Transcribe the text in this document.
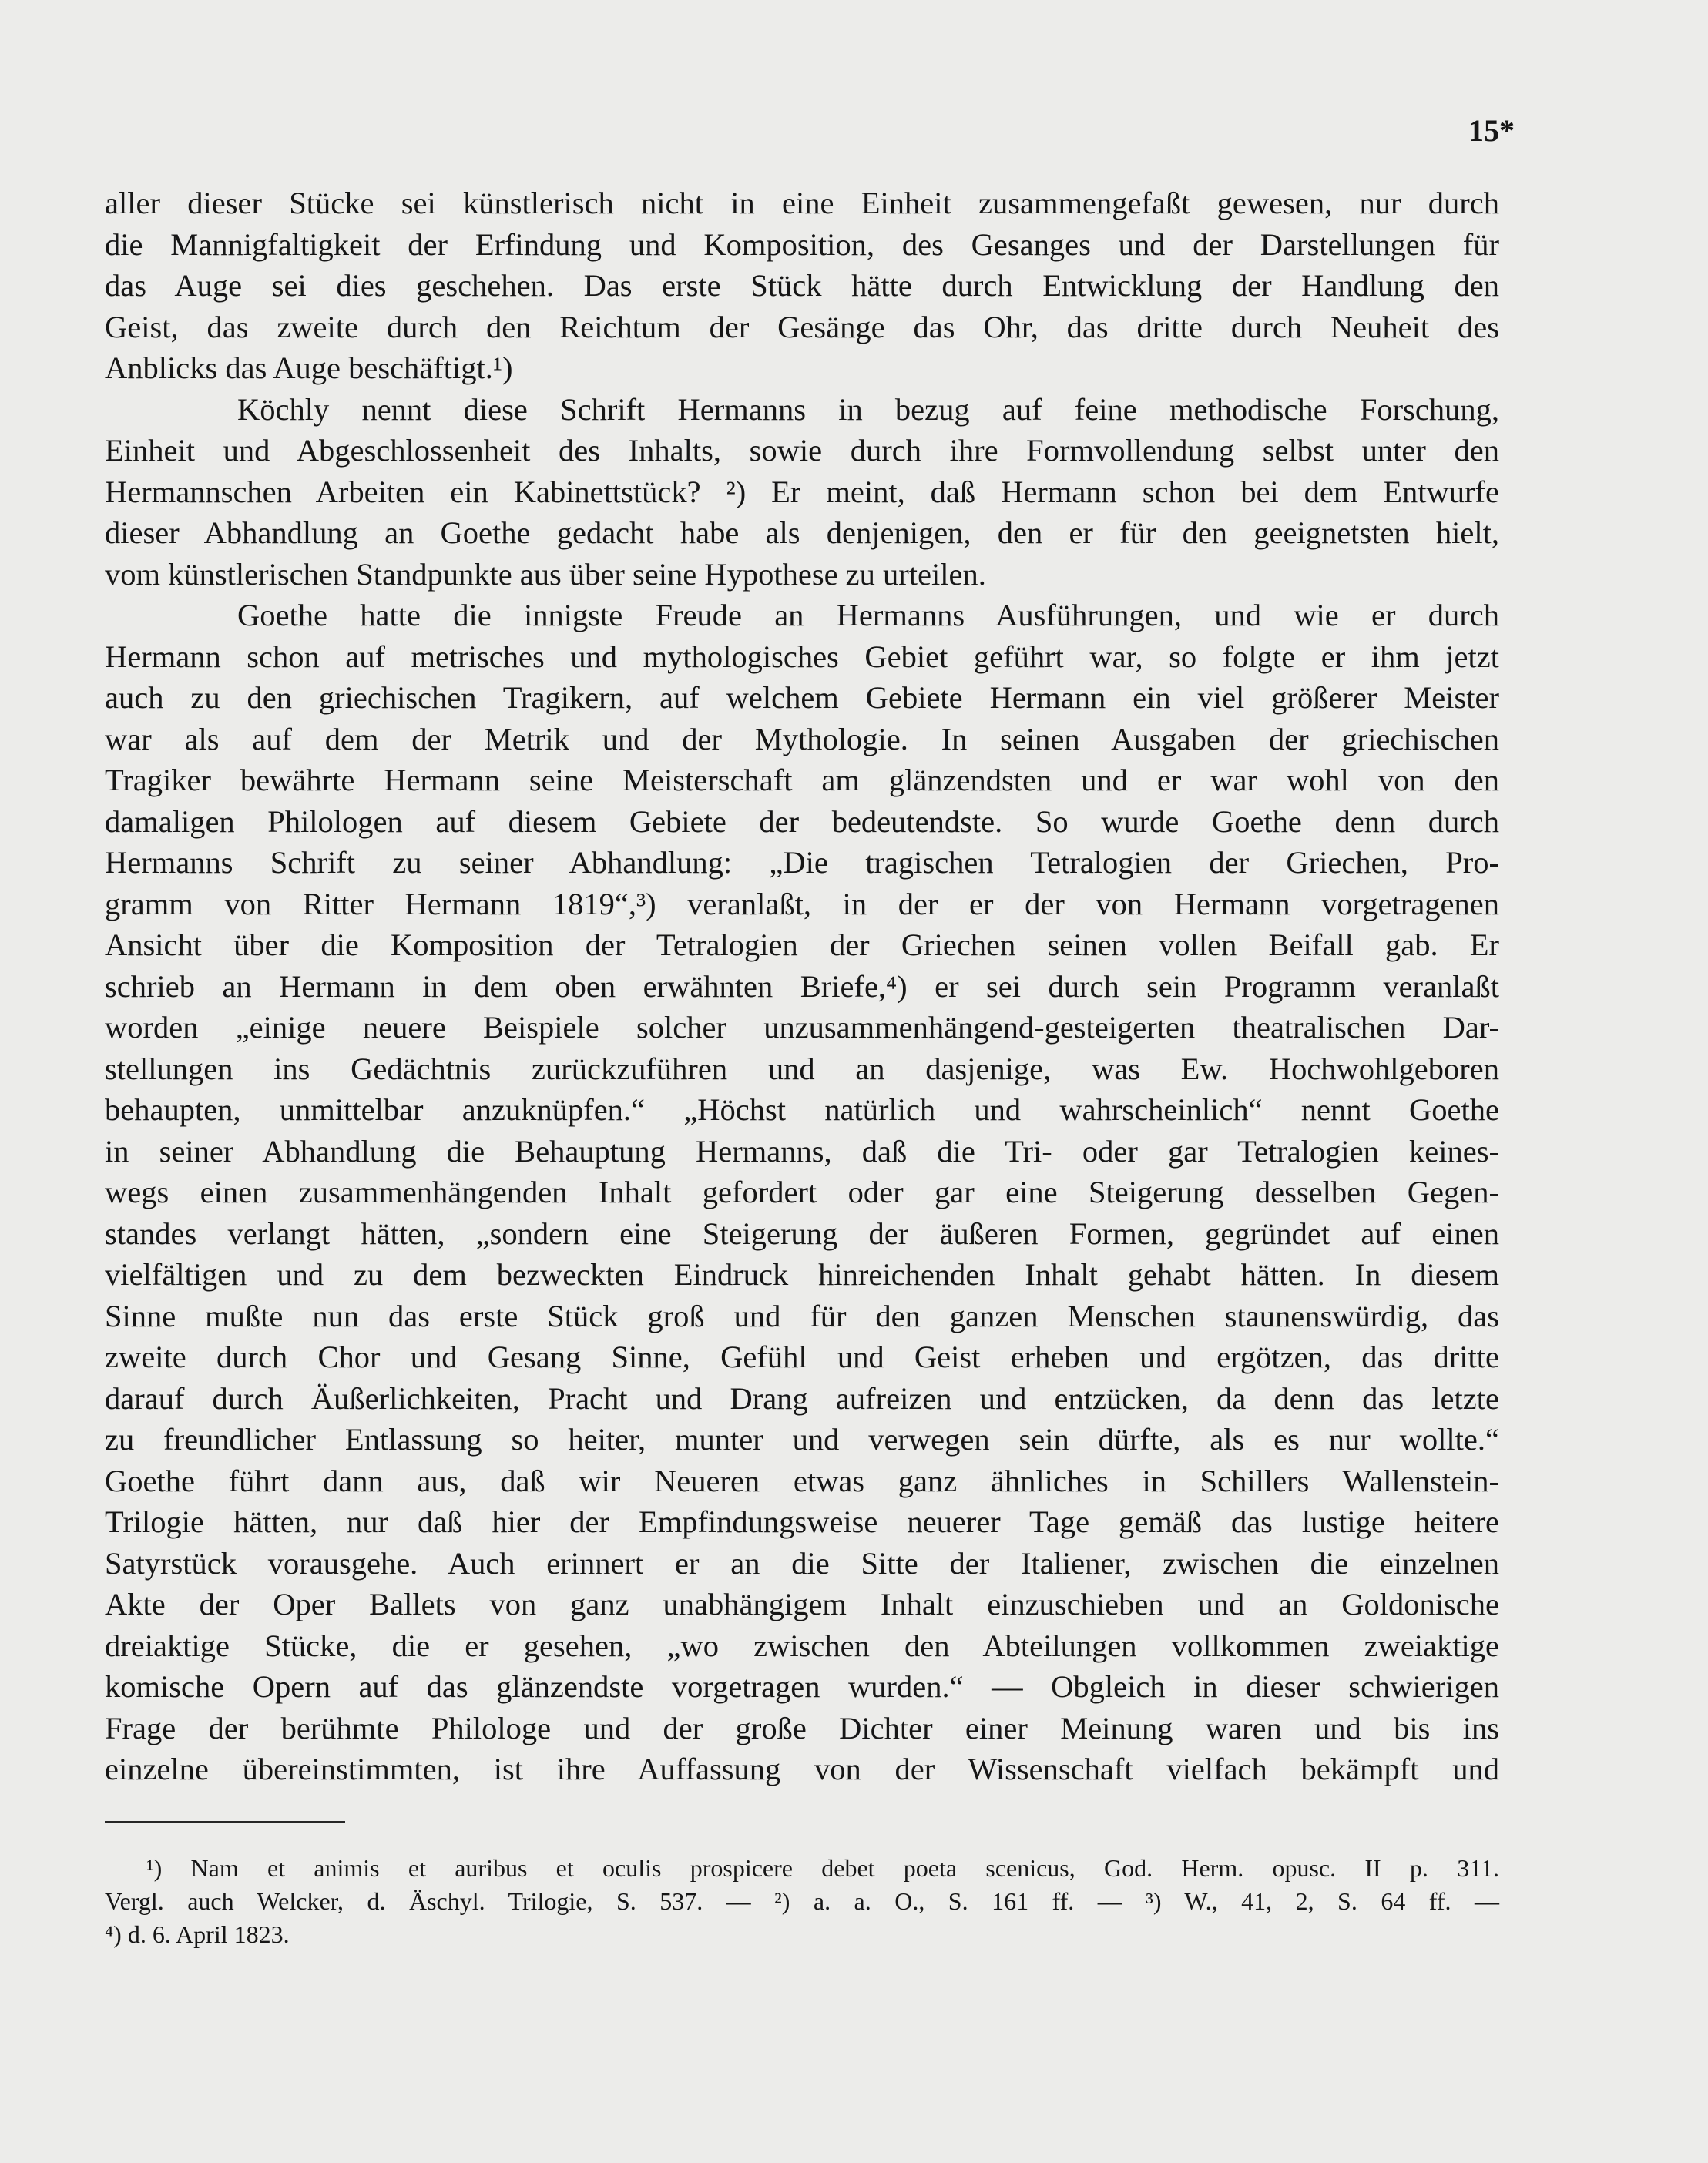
15*
aller dieser Stücke sei künstlerisch nicht in eine Einheit zusammengefaßt gewesen, nur durch
die Mannigfaltigkeit der Erfindung und Komposition, des Gesanges und der Darstellungen für
das Auge sei dies geschehen. Das erste Stück hätte durch Entwicklung der Handlung den
Geist, das zweite durch den Reichtum der Gesänge das Ohr, das dritte durch Neuheit des
Anblicks das Auge beschäftigt.¹)
Köchly nennt diese Schrift Hermanns in bezug auf feine methodische Forschung,
Einheit und Abgeschlossenheit des Inhalts, sowie durch ihre Formvollendung selbst unter den
Hermannschen Arbeiten ein Kabinettstück? ²) Er meint, daß Hermann schon bei dem Entwurfe
dieser Abhandlung an Goethe gedacht habe als denjenigen, den er für den geeignetsten hielt,
vom künstlerischen Standpunkte aus über seine Hypothese zu urteilen.
Goethe hatte die innigste Freude an Hermanns Ausführungen, und wie er durch
Hermann schon auf metrisches und mythologisches Gebiet geführt war, so folgte er ihm jetzt
auch zu den griechischen Tragikern, auf welchem Gebiete Hermann ein viel größerer Meister
war als auf dem der Metrik und der Mythologie. In seinen Ausgaben der griechischen
Tragiker bewährte Hermann seine Meisterschaft am glänzendsten und er war wohl von den
damaligen Philologen auf diesem Gebiete der bedeutendste. So wurde Goethe denn durch
Hermanns Schrift zu seiner Abhandlung: „Die tragischen Tetralogien der Griechen, Pro-
gramm von Ritter Hermann 1819“,³) veranlaßt, in der er der von Hermann vorgetragenen
Ansicht über die Komposition der Tetralogien der Griechen seinen vollen Beifall gab. Er
schrieb an Hermann in dem oben erwähnten Briefe,⁴) er sei durch sein Programm veranlaßt
worden „einige neuere Beispiele solcher unzusammenhängend-gesteigerten theatralischen Dar-
stellungen ins Gedächtnis zurückzuführen und an dasjenige, was Ew. Hochwohlgeboren
behaupten, unmittelbar anzuknüpfen.“ „Höchst natürlich und wahrscheinlich“ nennt Goethe
in seiner Abhandlung die Behauptung Hermanns, daß die Tri- oder gar Tetralogien keines-
wegs einen zusammenhängenden Inhalt gefordert oder gar eine Steigerung desselben Gegen-
standes verlangt hätten, „sondern eine Steigerung der äußeren Formen, gegründet auf einen
vielfältigen und zu dem bezweckten Eindruck hinreichenden Inhalt gehabt hätten. In diesem
Sinne mußte nun das erste Stück groß und für den ganzen Menschen staunenswürdig, das
zweite durch Chor und Gesang Sinne, Gefühl und Geist erheben und ergötzen, das dritte
darauf durch Äußerlichkeiten, Pracht und Drang aufreizen und entzücken, da denn das letzte
zu freundlicher Entlassung so heiter, munter und verwegen sein dürfte, als es nur wollte.“
Goethe führt dann aus, daß wir Neueren etwas ganz ähnliches in Schillers Wallenstein-
Trilogie hätten, nur daß hier der Empfindungsweise neuerer Tage gemäß das lustige heitere
Satyrstück vorausgehe. Auch erinnert er an die Sitte der Italiener, zwischen die einzelnen
Akte der Oper Ballets von ganz unabhängigem Inhalt einzuschieben und an Goldonische
dreiaktige Stücke, die er gesehen, „wo zwischen den Abteilungen vollkommen zweiaktige
komische Opern auf das glänzendste vorgetragen wurden.“ — Obgleich in dieser schwierigen
Frage der berühmte Philologe und der große Dichter einer Meinung waren und bis ins
einzelne übereinstimmten, ist ihre Auffassung von der Wissenschaft vielfach bekämpft und
¹) Nam et animis et auribus et oculis prospicere debet poeta scenicus, God. Herm. opusc. II p. 311.
Vergl. auch Welcker, d. Äschyl. Trilogie, S. 537. — ²) a. a. O., S. 161 ff. — ³) W., 41, 2, S. 64 ff. —
⁴) d. 6. April 1823.
